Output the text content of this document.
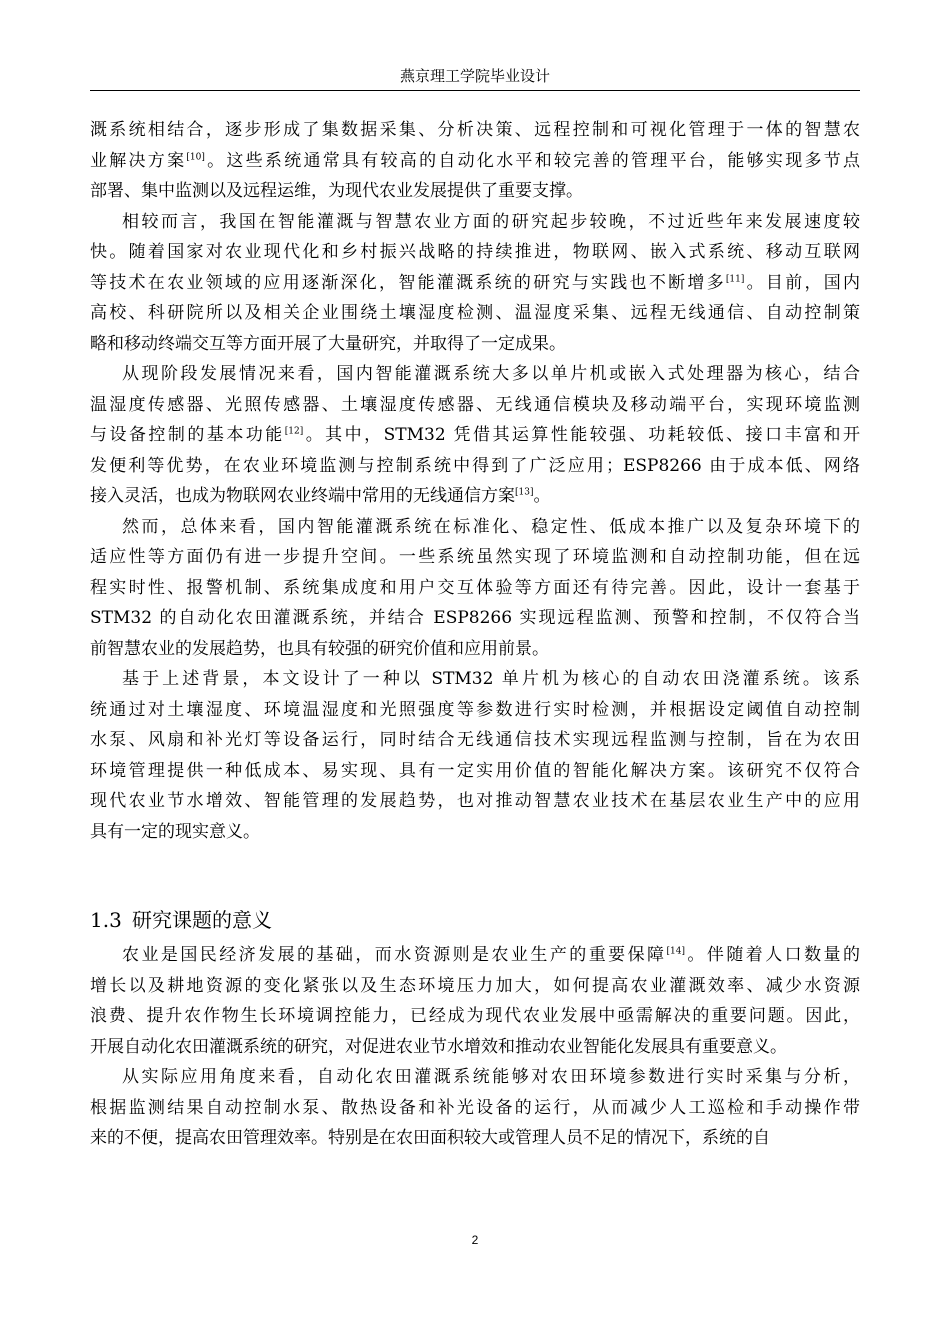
燕京理工学院毕业设计
溉系统相结合，逐步形成了集数据采集、分析决策、远程控制和可视化管理于一体的智慧农
业解决方案[10]。这些系统通常具有较高的自动化水平和较完善的管理平台，能够实现多节点
部署、集中监测以及远程运维，为现代农业发展提供了重要支撑。
相较而言，我国在智能灌溉与智慧农业方面的研究起步较晚，不过近些年来发展速度较
快。随着国家对农业现代化和乡村振兴战略的持续推进，物联网、嵌入式系统、移动互联网
等技术在农业领域的应用逐渐深化，智能灌溉系统的研究与实践也不断增多[11]。目前，国内
高校、科研院所以及相关企业围绕土壤湿度检测、温湿度采集、远程无线通信、自动控制策
略和移动终端交互等方面开展了大量研究，并取得了一定成果。
从现阶段发展情况来看，国内智能灌溉系统大多以单片机或嵌入式处理器为核心，结合
温湿度传感器、光照传感器、土壤湿度传感器、无线通信模块及移动端平台，实现环境监测
与设备控制的基本功能[12]。其中，STM32 凭借其运算性能较强、功耗较低、接口丰富和开
发便利等优势，在农业环境监测与控制系统中得到了广泛应用；ESP8266 由于成本低、网络
接入灵活，也成为物联网农业终端中常用的无线通信方案[13]。
然而，总体来看，国内智能灌溉系统在标准化、稳定性、低成本推广以及复杂环境下的
适应性等方面仍有进一步提升空间。一些系统虽然实现了环境监测和自动控制功能，但在远
程实时性、报警机制、系统集成度和用户交互体验等方面还有待完善。因此，设计一套基于
STM32 的自动化农田灌溉系统，并结合 ESP8266 实现远程监测、预警和控制，不仅符合当
前智慧农业的发展趋势，也具有较强的研究价值和应用前景。
基于上述背景，本文设计了一种以 STM32 单片机为核心的自动农田浇灌系统。该系
统通过对土壤湿度、环境温湿度和光照强度等参数进行实时检测，并根据设定阈值自动控制
水泵、风扇和补光灯等设备运行，同时结合无线通信技术实现远程监测与控制，旨在为农田
环境管理提供一种低成本、易实现、具有一定实用价值的智能化解决方案。该研究不仅符合
现代农业节水增效、智能管理的发展趋势，也对推动智慧农业技术在基层农业生产中的应用
具有一定的现实意义。
1.3 研究课题的意义
农业是国民经济发展的基础，而水资源则是农业生产的重要保障[14]。伴随着人口数量的
增长以及耕地资源的变化紧张以及生态环境压力加大，如何提高农业灌溉效率、减少水资源
浪费、提升农作物生长环境调控能力，已经成为现代农业发展中亟需解决的重要问题。因此，
开展自动化农田灌溉系统的研究，对促进农业节水增效和推动农业智能化发展具有重要意义。
从实际应用角度来看，自动化农田灌溉系统能够对农田环境参数进行实时采集与分析，
根据监测结果自动控制水泵、散热设备和补光设备的运行，从而减少人工巡检和手动操作带
来的不便，提高农田管理效率。特别是在农田面积较大或管理人员不足的情况下，系统的自
2
